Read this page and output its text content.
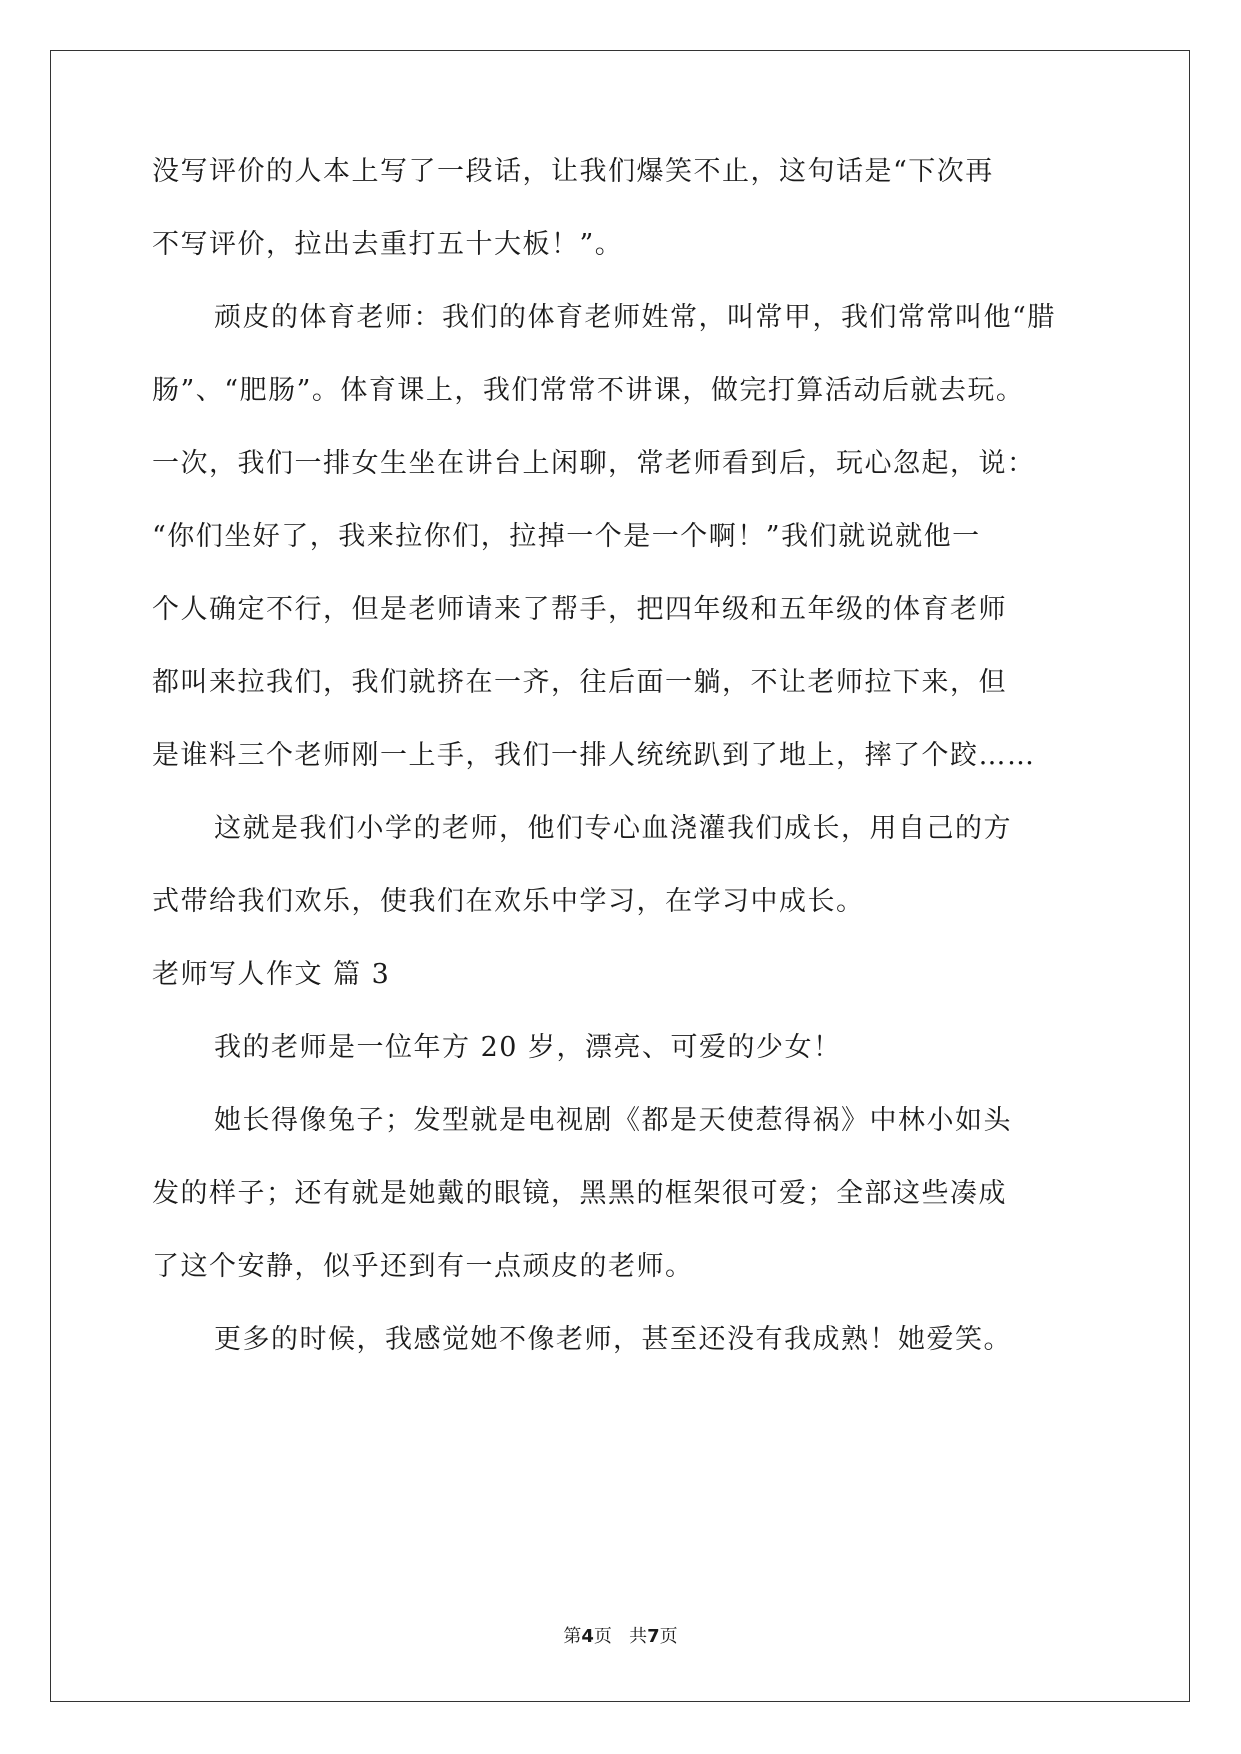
没写评价的人本上写了一段话，让我们爆笑不止，这句话是“下次再
不写评价，拉出去重打五十大板！”。
顽皮的体育老师：我们的体育老师姓常，叫常甲，我们常常叫他“腊
肠”、“肥肠”。体育课上，我们常常不讲课，做完打算活动后就去玩。
一次，我们一排女生坐在讲台上闲聊，常老师看到后，玩心忽起，说：
“你们坐好了，我来拉你们，拉掉一个是一个啊！”我们就说就他一
个人确定不行，但是老师请来了帮手，把四年级和五年级的体育老师
都叫来拉我们，我们就挤在一齐，往后面一躺，不让老师拉下来，但
是谁料三个老师刚一上手，我们一排人统统趴到了地上，摔了个跤……
这就是我们小学的老师，他们专心血浇灌我们成长，用自己的方
式带给我们欢乐，使我们在欢乐中学习，在学习中成长。
老师写人作文 篇 3
我的老师是一位年方 20 岁，漂亮、可爱的少女！
她长得像兔子；发型就是电视剧《都是天使惹得祸》中林小如头
发的样子；还有就是她戴的眼镜，黑黑的框架很可爱；全部这些凑成
了这个安静，似乎还到有一点顽皮的老师。
更多的时候，我感觉她不像老师，甚至还没有我成熟！她爱笑。
第4页   共7页
